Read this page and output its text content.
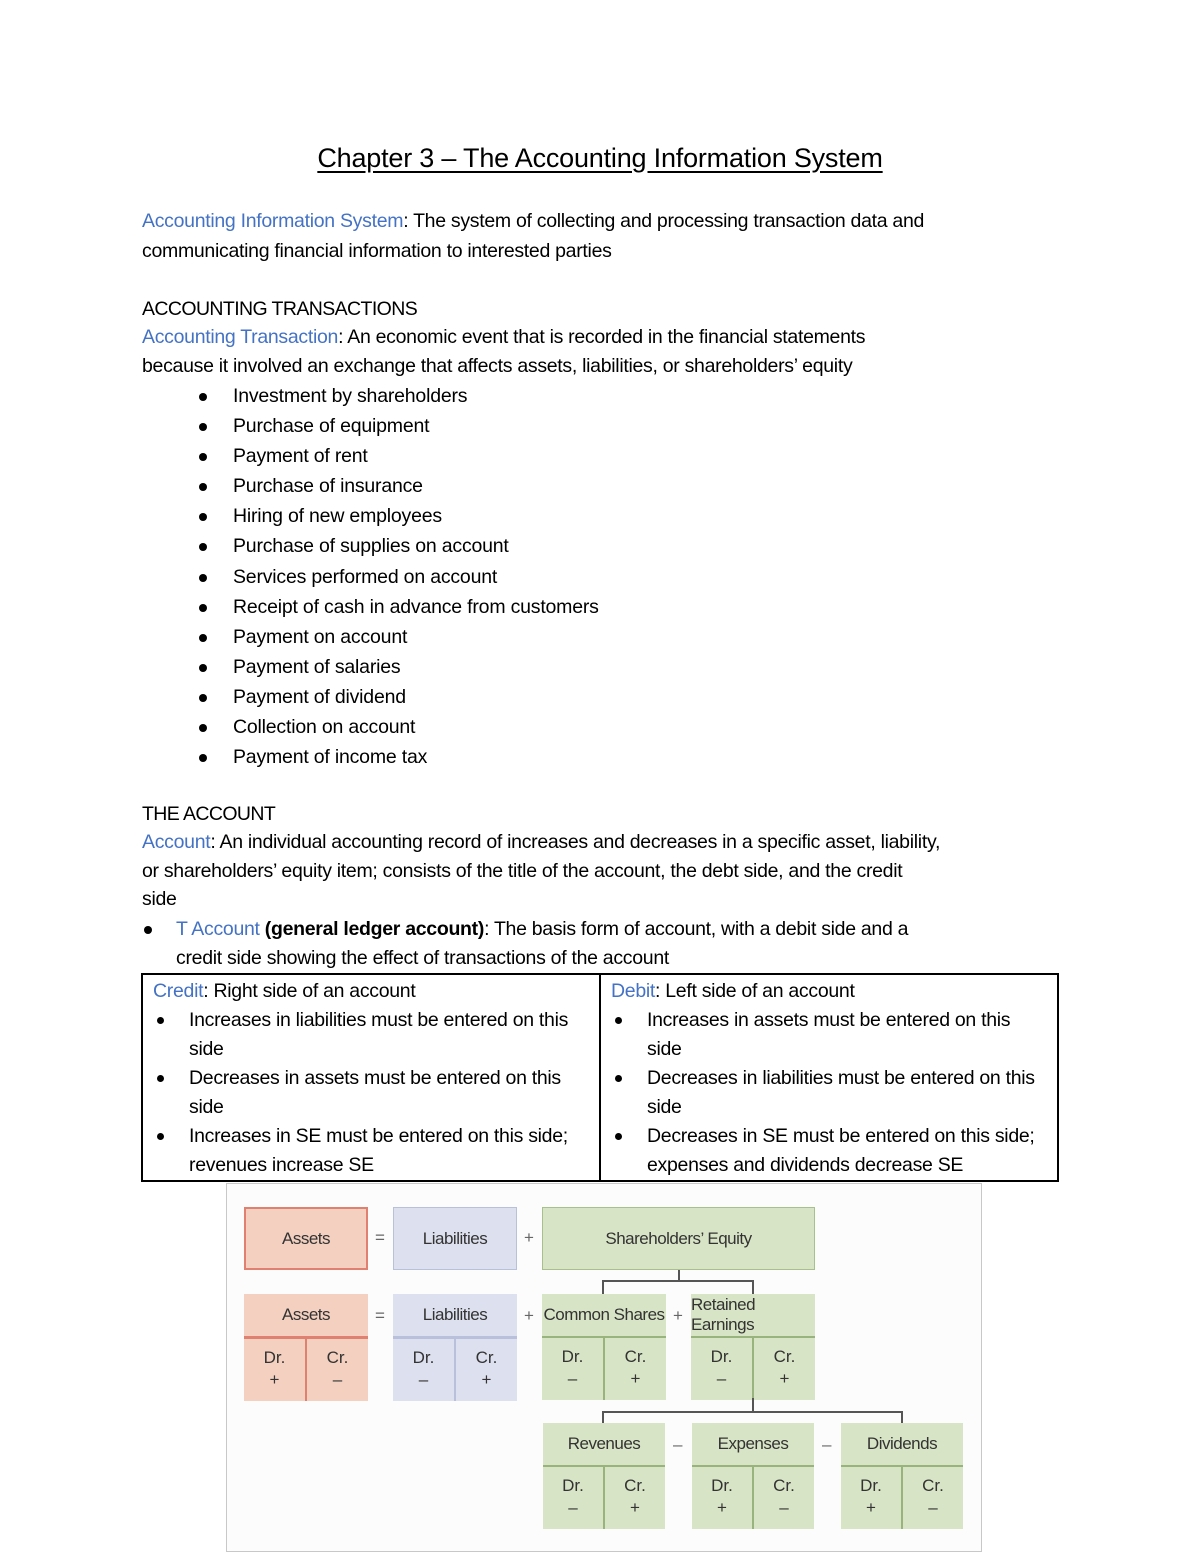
Chapter 3 – The Accounting Information System
Accounting Information System: The system of collecting and processing transaction data and
communicating financial information to interested parties
ACCOUNTING TRANSACTIONS
Accounting Transaction: An economic event that is recorded in the financial statements
because it involved an exchange that affects assets, liabilities, or shareholders’ equity
Investment by shareholders
Purchase of equipment
Payment of rent
Purchase of insurance
Hiring of new employees
Purchase of supplies on account
Services performed on account
Receipt of cash in advance from customers
Payment on account
Payment of salaries
Payment of dividend
Collection on account
Payment of income tax
THE ACCOUNT
Account: An individual accounting record of increases and decreases in a specific asset, liability,
or shareholders’ equity item; consists of the title of the account, the debt side, and the credit
side
T Account (general ledger account): The basis form of account, with a debit side and a
credit side showing the effect of transactions of the account
Credit: Right side of an account
Increases in liabilities must be entered on this side
Decreases in assets must be entered on this side
Increases in SE must be entered on this side; revenues increase SE

Debit: Left side of an account
Increases in assets must be entered on this side
Decreases in liabilities must be entered on this side
Decreases in SE must be entered on this side; expenses and dividends decrease SE
Assets	=	Liabilities	+	Shareholders’ Equity
Assets
Dr.
+
Cr.
–
=	Liabilities
Dr.
–
Cr.
+
+ Common Shares
Dr.
–
Cr.
+
+
Retained Earnings
Dr.
–
Cr.
+
Revenues
Dr.
–
Cr.
+
–	Expenses
Dr.
+
Cr.
–
–	Dividends
Dr.
+
Cr.
–
